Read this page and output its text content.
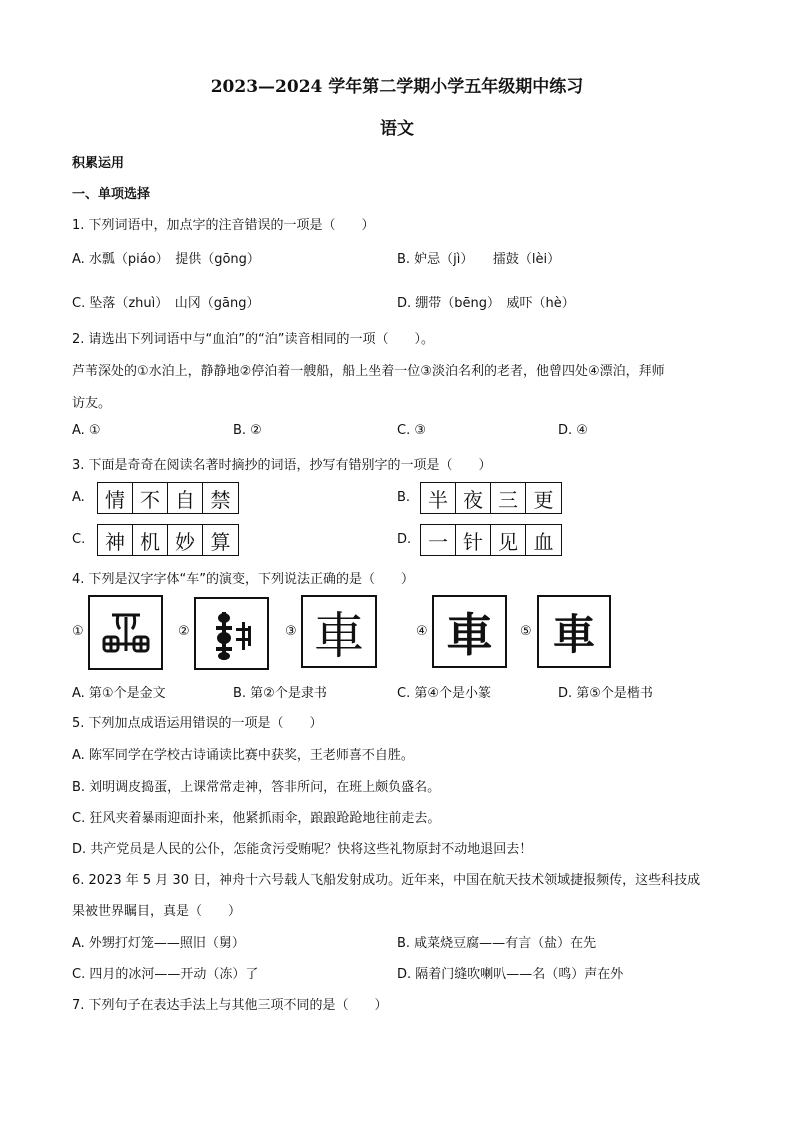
2023—2024 学年第二学期小学五年级期中练习
语文
积累运用
一、单项选择
1. 下列词语中，加点字的注音错误的一项是（　　）
A. 水瓢（piáo）　提供（gōng）	B. 妒忌（jì）　　擂鼓（lèi）
C. 坠落（zhuì）　山冈（gāng）	D. 绷带（bēng）　威吓（hè）
2. 请选出下列词语中与“血泊”的“泊”读音相同的一项（　　）。
芦苇深处的①水泊上，静静地②停泊着一艘船，船上坐着一位③淡泊名利的老者，他曾四处④漂泊，拜师
访友。
A. ①	B. ②	C. ③	D. ④
3. 下面是奇奇在阅读名著时摘抄的词语，抄写有错别字的一项是（　　）
A.	情 不 自 禁	B. 半 夜 三 更
C. 神 机 妙 算	D. 一 针 见 血
4. 下列是汉字字体“车”的演变，下列说法正确的是（　　）
①	②	③ 車	④ 車	⑤ 車
A. 第①个是金文	B. 第②个是隶书	C. 第④个是小篆	D. 第⑤个是楷书
5. 下列加点成语运用错误的一项是（　　）
A. 陈军同学在学校古诗诵读比赛中获奖，王老师喜不自胜。
B. 刘明调皮捣蛋，上课常常走神，答非所问，在班上颇负盛名。
C. 狂风夹着暴雨迎面扑来，他紧抓雨伞，踉踉跄跄地往前走去。
D. 共产党员是人民的公仆，怎能贪污受贿呢？快将这些礼物原封不动地退回去！
6. 2023 年 5 月 30 日，神舟十六号载人飞船发射成功。近年来，中国在航天技术领域捷报频传，这些科技成
果被世界瞩目，真是（　　）
A. 外甥打灯笼——照旧（舅）	B. 咸菜烧豆腐——有言（盐）在先
C. 四月的冰河——开动（冻）了	D. 隔着门缝吹喇叭——名（鸣）声在外
7. 下列句子在表达手法上与其他三项不同的是（　　）
